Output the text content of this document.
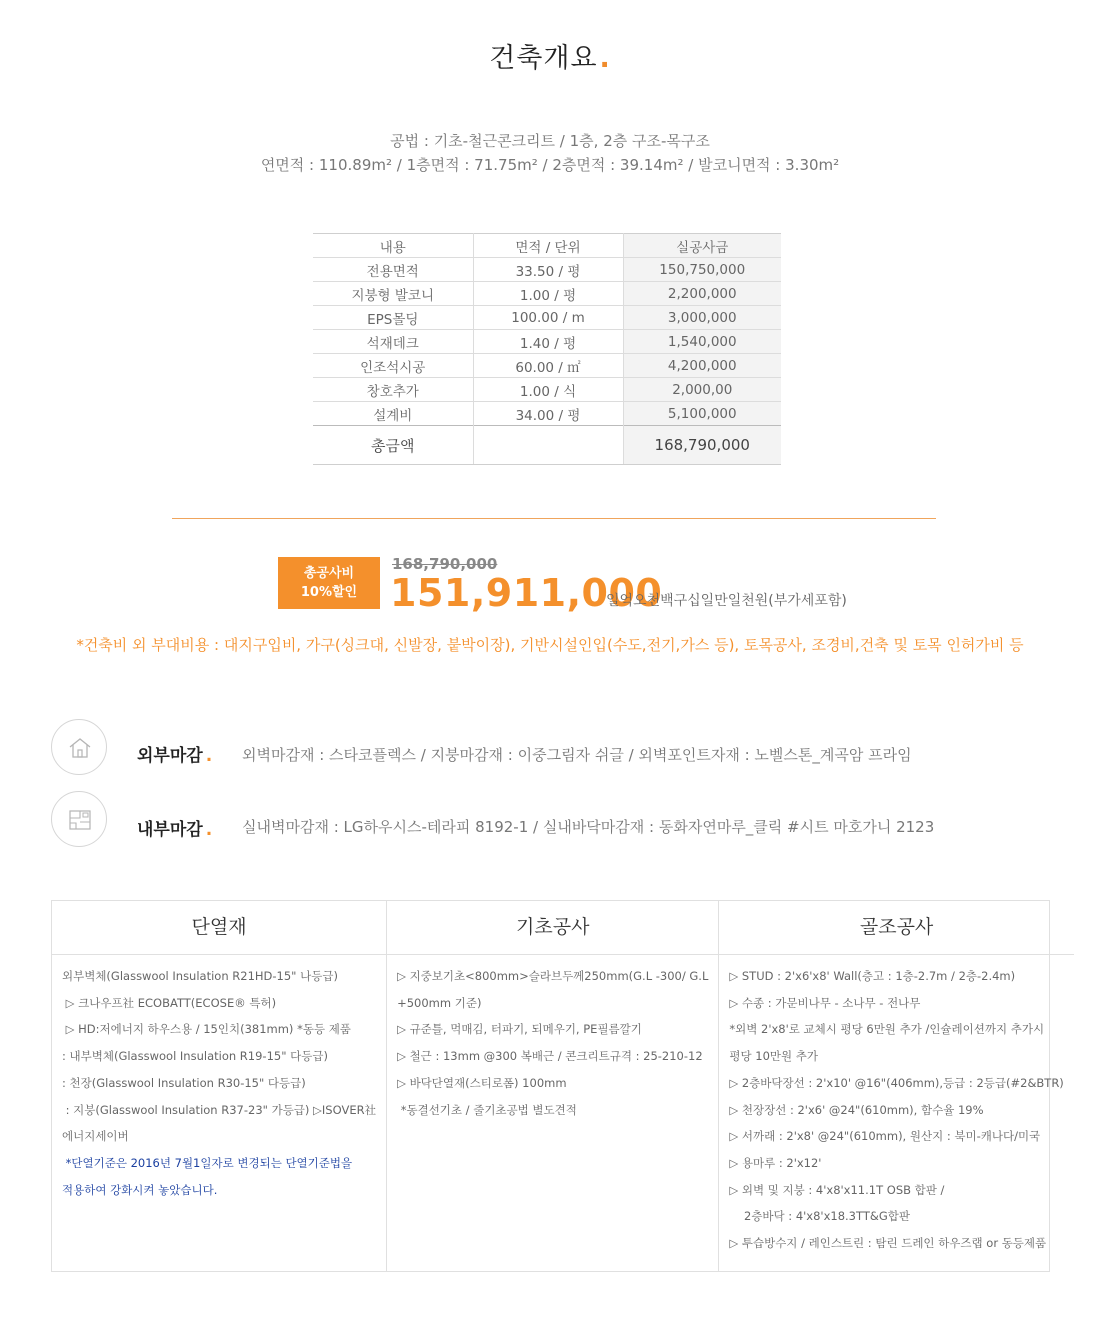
건축개요.
공법 : 기초-철근콘크리트 / 1층, 2층 구조-목구조
연면적 : 110.89m² / 1층면적 : 71.75m² / 2층면적 : 39.14m² / 발코니면적 : 3.30m²
내용	면적 / 단위	실공사금
전용면적	33.50 / 평	150,750,000
지붕형 발코니	1.00 / 평	2,200,000
EPS몰딩	100.00 / m	3,000,000
석재데크	1.40 / 평	1,540,000
인조석시공	60.00 / ㎡	4,200,000
창호추가	1.00 / 식	2,000,00
설계비	34.00 / 평	5,100,000
총금액		168,790,000
총공사비
10%할인
168,790,000
151,911,000
일억오천백구십일만일천원(부가세포함)
*건축비 외 부대비용 : 대지구입비, 가구(싱크대, 신발장, 붙박이장), 기반시설인입(수도,전기,가스 등), 토목공사, 조경비,건축 및 토목 인허가비 등
외부마감 . 외벽마감재 : 스타코플렉스 / 지붕마감재 : 이중그림자 쉬글 / 외벽포인트자재 : 노벨스톤_계곡암 프라임
내부마감 . 실내벽마감재 : LG하우시스-테라피 8192-1 / 실내바닥마감재 : 동화자연마루_클릭 #시트 마호가니 2123
단열재
외부벽체(Glasswool Insulation R21HD-15" 나등급)
▷ 크나우프社 ECOBATT(ECOSE® 특허)
▷ HD:저에너지 하우스용 / 15인치(381mm) *동등 제품
: 내부벽체(Glasswool Insulation R19-15" 다등급)
: 천장(Glasswool Insulation R30-15" 다등급)
: 지붕(Glasswool Insulation R37-23" 가등급) ▷ISOVER社
에너지세이버
*단열기준은 2016년 7월1일자로 변경되는 단열기준법을
적용하여 강화시켜 놓았습니다.
기초공사
▷ 지중보기초<800mm>슬라브두께250mm(G.L -300/ G.L
+500mm 기준)
▷ 규준틀, 먹매김, 터파기, 되메우기, PE필름깔기
▷ 철근 : 13mm @300 복배근 / 콘크리트규격 : 25-210-12
▷ 바닥단열재(스티로폼) 100mm
*동결선기초 / 줄기초공법 별도견적
골조공사
▷ STUD : 2'x6'x8' Wall(층고 : 1층-2.7m / 2층-2.4m)
▷ 수종 : 가문비나무 - 소나무 - 전나무
*외벽 2'x8'로 교체시 평당 6만원 추가 /인슐레이션까지 추가시
평당 10만원 추가
▷ 2층바닥장선 : 2'x10' @16"(406mm),등급 : 2등급(#2&BTR)
▷ 천장장선 : 2'x6' @24"(610mm), 함수율 19%
▷ 서까래 : 2'x8' @24"(610mm), 원산지 : 북미-캐나다/미국
▷ 용마루 : 2'x12'
▷ 외벽 및 지붕 : 4'x8'x11.1T OSB 합판 /
2층바닥 : 4'x8'x18.3TT&G합판
▷ 투습방수지 / 레인스트린 : 탐린 드레인 하우즈랩 or 동등제품
